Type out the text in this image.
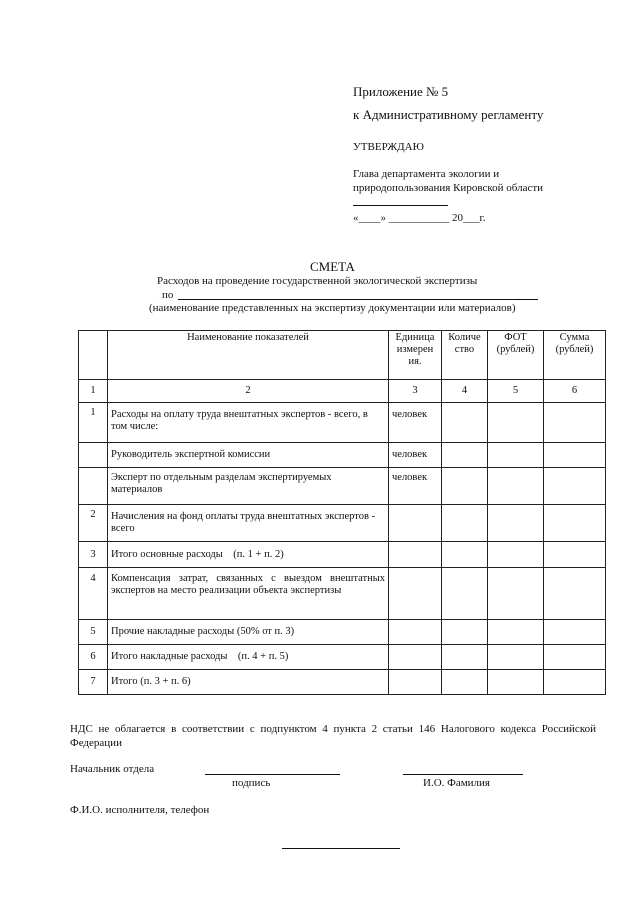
Приложение № 5
к Административному регламенту
УТВЕРЖДАЮ
Глава департамента экологии и
природопользования Кировской области
«____» ___________ 20___г.
СМЕТА
Расходов на проведение государственной экологической экспертизы
по
(наименование представленных на экспертизу документации или материалов)
	Наименование показателей	Единица измерен ия.	Количе ство	ФОТ (рублей)	Сумма (рублей)
1	2	3	4	5	6
1	Расходы на оплату труда внештатных экспертов - всего, в том числе:	человек			
	Руководитель экспертной комиссии	человек			
	Эксперт по отдельным разделам экспертируемых материалов	человек			
2	Начисления на фонд оплаты труда внештатных экспертов - всего				
3	Итого основные расходы    (п. 1 + п. 2)				
4	Компенсация затрат, связанных с выездом внештатных экспертов на место реализации объекта экспертизы				
5	Прочие накладные расходы (50% от п. 3)				
6	Итого накладные расходы    (п. 4 + п. 5)				
7	Итого (п. 3 + п. 6)				
НДС не облагается в соответствии с подпунктом 4 пункта 2 статьи 146 Налогового кодекса Российской Федерации
Начальник отдела
подпись	И.О. Фамилия
Ф.И.О. исполнителя, телефон
